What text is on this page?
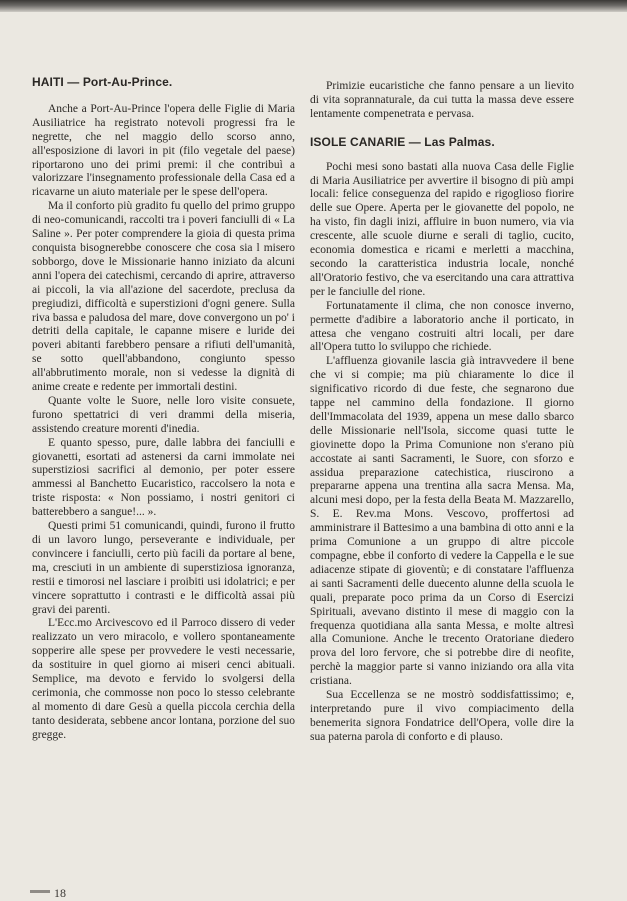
HAITI — Port-Au-Prince.

Anche a Port-Au-Prince l'opera delle Figlie di Maria Ausiliatrice ha registrato notevoli progressi fra le negrette, che nel maggio dello scorso anno, all'esposizione di lavori in pit (filo vegetale del paese) riportarono uno dei primi premi: il che contribuì a valorizzare l'insegnamento professionale della Casa ed a ricavarne un aiuto materiale per le spese dell'opera.

Ma il conforto più gradito fu quello del primo gruppo di neo-comunicandi, raccolti tra i poveri fanciulli di « La Saline ». Per poter comprendere la gioia di questa prima conquista bisognerebbe conoscere che cosa sia l misero sobborgo, dove le Missionarie hanno iniziato da alcuni anni l'opera dei catechismi, cercando di aprire, attraverso ai piccoli, la via all'azione del sacerdote, preclusa da pregiudizi, difficoltà e superstizioni d'ogni genere. Sulla riva bassa e paludosa del mare, dove convergono un po' i detriti della capitale, le capanne misere e luride dei poveri abitanti farebbero pensare a rifiuti dell'umanità, se sotto quell'abbandono, congiunto spesso all'abbrutimento morale, non si vedesse la dignità di anime create e redente per immortali destini.

Quante volte le Suore, nelle loro visite consuete, furono spettatrici di veri drammi della miseria, assistendo creature morenti d'inedia.

E quanto spesso, pure, dalle labbra dei fanciulli e giovanetti, esortati ad astenersi da carni immolate nei superstiziosi sacrifici al demonio, per poter essere ammessi al Banchetto Eucaristico, raccolsero la nota e triste risposta: « Non possiamo, i nostri genitori ci batterebbero a sangue!... ».

Questi primi 51 comunicandi, quindi, furono il frutto di un lavoro lungo, perseverante e individuale, per convincere i fanciulli, certo più facili da portare al bene, ma, cresciuti in un ambiente di superstiziosa ignoranza, restii e timorosi nel lasciare i proibiti usi idolatrici; e per vincere soprattutto i contrasti e le difficoltà assai più gravi dei parenti.

L'Ecc.mo Arcivescovo ed il Parroco dissero di veder realizzato un vero miracolo, e vollero spontaneamente sopperire alle spese per provvedere le vesti necessarie, da sostituire in quel giorno ai miseri cenci abituali. Semplice, ma devoto e fervido lo svolgersi della cerimonia, che commosse non poco lo stesso celebrante al momento di dare Gesù a quella piccola cerchia della tanto desiderata, sebbene ancor lontana, porzione del suo gregge.

Primizie eucaristiche che fanno pensare a un lievito di vita soprannaturale, da cui tutta la massa deve essere lentamente compenetrata e pervasa.

ISOLE CANARIE — Las Palmas.

Pochi mesi sono bastati alla nuova Casa delle Figlie di Maria Ausiliatrice per avvertire il bisogno di più ampi locali: felice conseguenza del rapido e rigoglioso fiorire delle sue Opere. Aperta per le giovanette del popolo, ne ha visto, fin dagli inizi, affluire in buon numero, via via crescente, alle scuole diurne e serali di taglio, cucito, economia domestica e ricami e merletti a macchina, secondo la caratteristica industria locale, nonché all'Oratorio festivo, che va esercitando una cara attrattiva per le fanciulle del rione.

Fortunatamente il clima, che non conosce inverno, permette d'adibire a laboratorio anche il porticato, in attesa che vengano costruiti altri locali, per dare all'Opera tutto lo sviluppo che richiede.

L'affluenza giovanile lascia già intravvedere il bene che vi si compie; ma più chiaramente lo dice il significativo ricordo di due feste, che segnarono due tappe nel cammino della fondazione. Il giorno dell'Immacolata del 1939, appena un mese dallo sbarco delle Missionarie nell'Isola, siccome quasi tutte le giovinette dopo la Prima Comunione non s'erano più accostate ai santi Sacramenti, le Suore, con sforzo e assidua preparazione catechistica, riuscirono a prepararne appena una trentina alla sacra Mensa. Ma, alcuni mesi dopo, per la festa della Beata M. Mazzarello, S. E. Rev.ma Mons. Vescovo, proffertosi ad amministrare il Battesimo a una bambina di otto anni e la prima Comunione a un gruppo di altre piccole compagne, ebbe il conforto di vedere la Cappella e le sue adiacenze stipate di gioventù; e di constatare l'affluenza ai santi Sacramenti delle duecento alunne della scuola le quali, preparate poco prima da un Corso di Esercizi Spirituali, avevano distinto il mese di maggio con la frequenza quotidiana alla santa Messa, e molte altresì alla Comunione. Anche le trecento Oratoriane diedero prova del loro fervore, che si potrebbe dire di neofite, perchè la maggior parte si vanno iniziando ora alla vita cristiana.

Sua Eccellenza se ne mostrò soddisfattissimo; e, interpretando pure il vivo compiacimento della benemerita signora Fondatrice dell'Opera, volle dire la sua paterna parola di conforto e di plauso.

18
